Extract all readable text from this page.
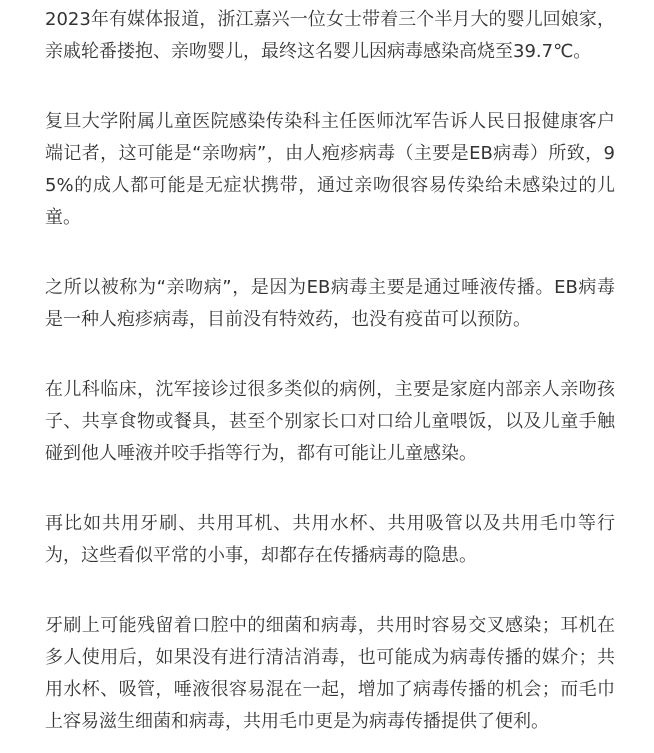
2023年有媒体报道，浙江嘉兴一位女士带着三个半月大的婴儿回娘家，亲戚轮番搂抱、亲吻婴儿，最终这名婴儿因病毒感染高烧至39.7℃。

复旦大学附属儿童医院感染传染科主任医师沈军告诉人民日报健康客户端记者，这可能是“亲吻病”，由人疱疹病毒（主要是EB病毒）所致，95%的成人都可能是无症状携带，通过亲吻很容易传染给未感染过的儿童。

之所以被称为“亲吻病”，是因为EB病毒主要是通过唾液传播。EB病毒是一种人疱疹病毒，目前没有特效药，也没有疫苗可以预防。

在儿科临床，沈军接诊过很多类似的病例，主要是家庭内部亲人亲吻孩子、共享食物或餐具，甚至个别家长口对口给儿童喂饭，以及儿童手触碰到他人唾液并咬手指等行为，都有可能让儿童感染。

再比如共用牙刷、共用耳机、共用水杯、共用吸管以及共用毛巾等行为，这些看似平常的小事，却都存在传播病毒的隐患。

牙刷上可能残留着口腔中的细菌和病毒，共用时容易交叉感染；耳机在多人使用后，如果没有进行清洁消毒，也可能成为病毒传播的媒介；共用水杯、吸管，唾液很容易混在一起，增加了病毒传播的机会；而毛巾上容易滋生细菌和病毒，共用毛巾更是为病毒传播提供了便利。
